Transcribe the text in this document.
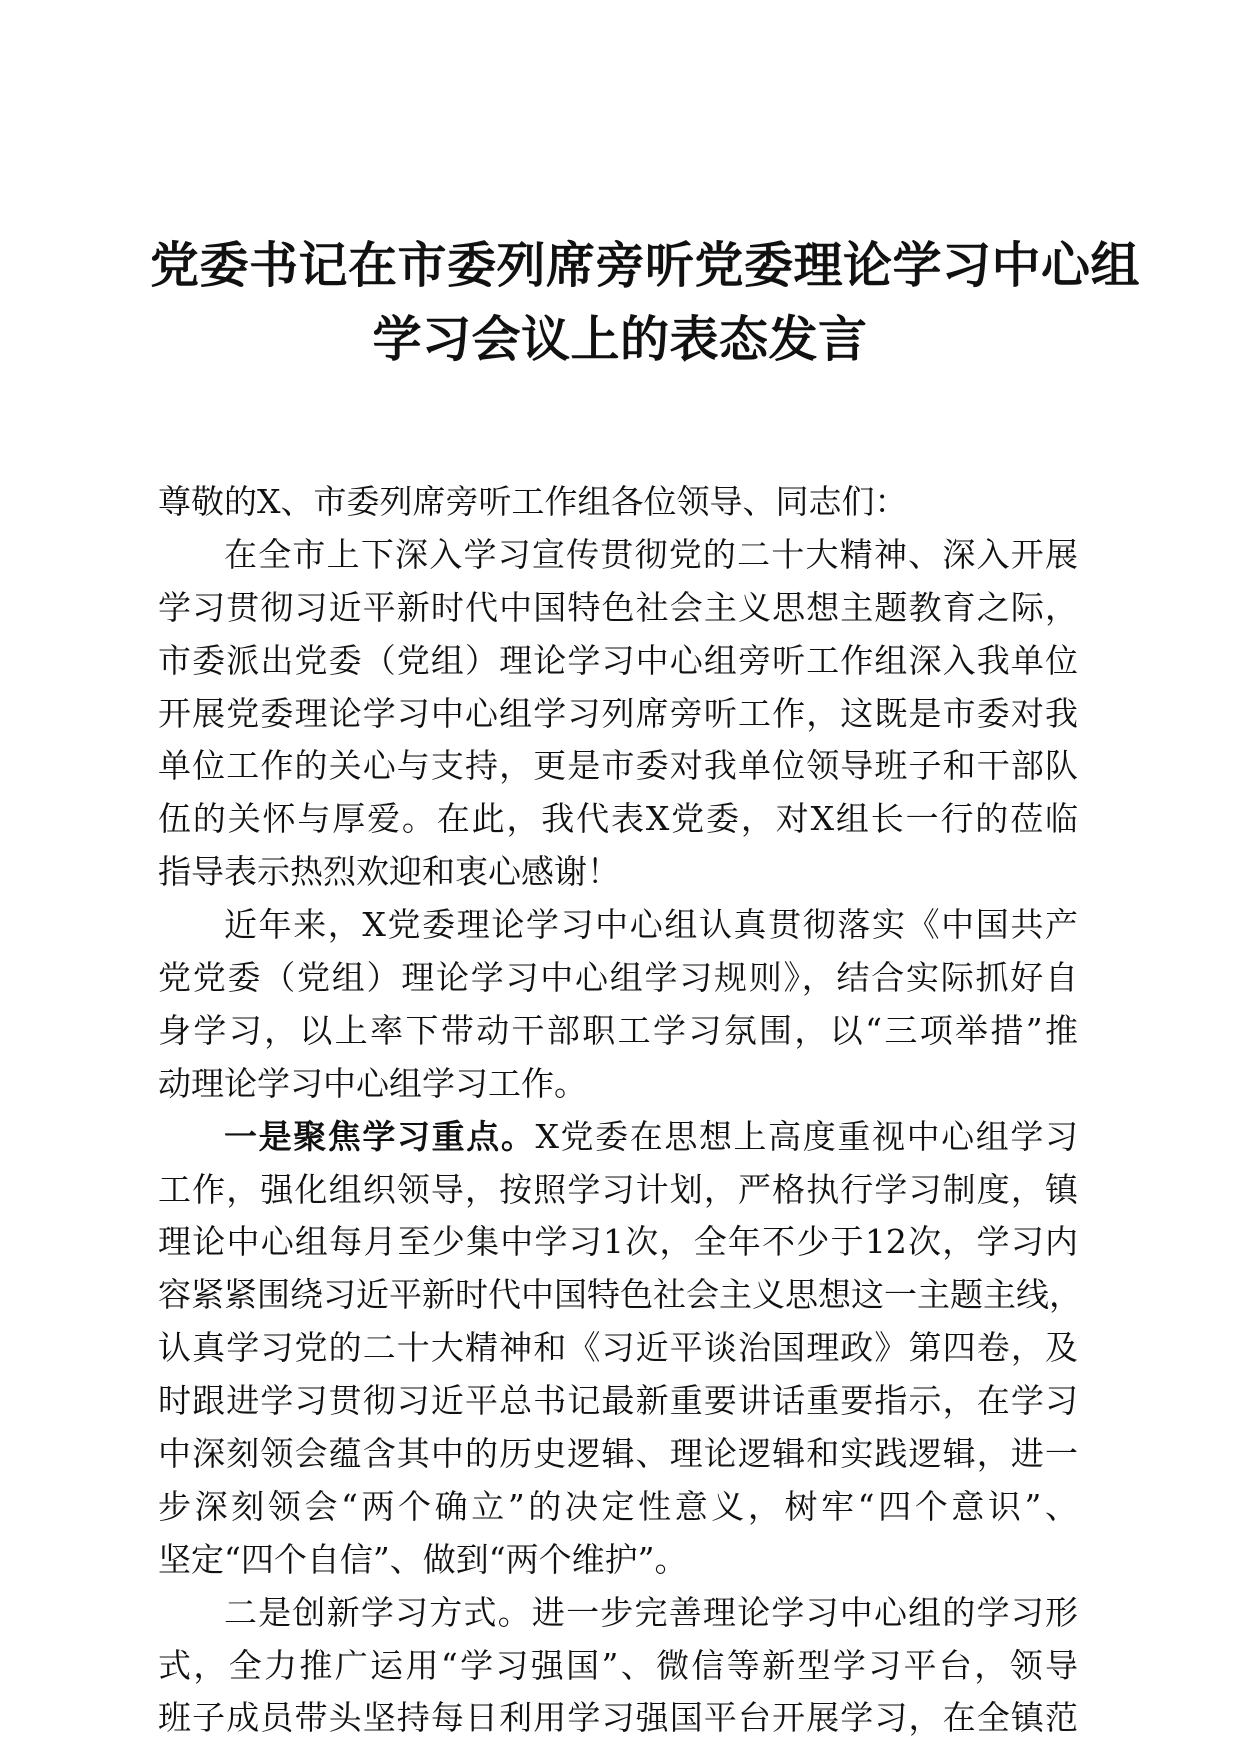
党委书记在市委列席旁听党委理论学习中心组
学习会议上的表态发言
尊敬的X、市委列席旁听工作组各位领导、同志们：
在全市上下深入学习宣传贯彻党的二十大精神、深入开展
学习贯彻习近平新时代中国特色社会主义思想主题教育之际，
市委派出党委（党组）理论学习中心组旁听工作组深入我单位
开展党委理论学习中心组学习列席旁听工作，这既是市委对我
单位工作的关心与支持，更是市委对我单位领导班子和干部队
伍的关怀与厚爱。在此，我代表X党委，对X组长一行的莅临
指导表示热烈欢迎和衷心感谢！
近年来，X党委理论学习中心组认真贯彻落实《中国共产
党党委（党组）理论学习中心组学习规则》，结合实际抓好自
身学习，以上率下带动干部职工学习氛围，以“三项举措”推
动理论学习中心组学习工作。
一是聚焦学习重点。X党委在思想上高度重视中心组学习
工作，强化组织领导，按照学习计划，严格执行学习制度，镇
理论中心组每月至少集中学习1次，全年不少于12次，学习内
容紧紧围绕习近平新时代中国特色社会主义思想这一主题主线，
认真学习党的二十大精神和《习近平谈治国理政》第四卷，及
时跟进学习贯彻习近平总书记最新重要讲话重要指示，在学习
中深刻领会蕴含其中的历史逻辑、理论逻辑和实践逻辑，进一
步深刻领会“两个确立”的决定性意义，树牢“四个意识”、
坚定“四个自信”、做到“两个维护”。
二是创新学习方式。进一步完善理论学习中心组的学习形
式，全力推广运用“学习强国”、微信等新型学习平台，领导
班子成员带头坚持每日利用学习强国平台开展学习，在全镇范
